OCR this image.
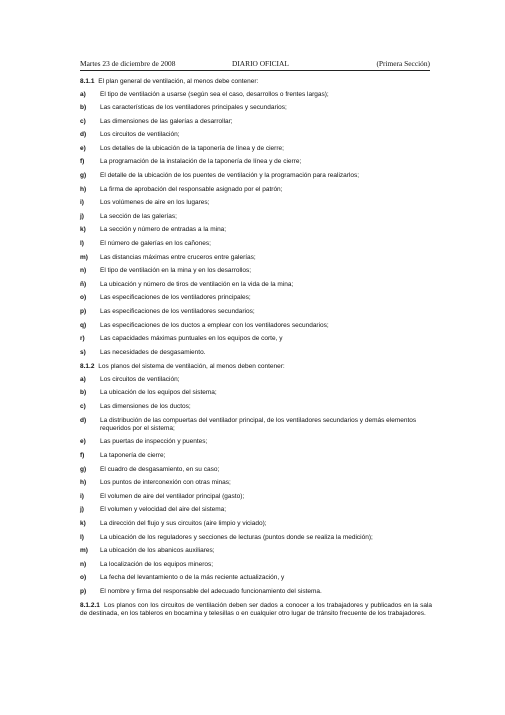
Martes 23 de diciembre de 2008	DIARIO OFICIAL	(Primera Sección)

8.1.1 El plan general de ventilación, al menos debe contener:

a)	El tipo de ventilación a usarse (según sea el caso, desarrollos o frentes largas);
b)	Las características de los ventiladores principales y secundarios;
c)	Las dimensiones de las galerías a desarrollar;
d)	Los circuitos de ventilación;
e)	Los detalles de la ubicación de la taponería de línea y de cierre;
f)	La programación de la instalación de la taponería de línea y de cierre;
g)	El detalle de la ubicación de los puentes de ventilación y la programación para realizarlos;
h)	La firma de aprobación del responsable asignado por el patrón;
i)	Los volúmenes de aire en los lugares;
j)	La sección de las galerías;
k)	La sección y número de entradas a la mina;
l)	El número de galerías en los cañones;
m)	Las distancias máximas entre cruceros entre galerías;
n)	El tipo de ventilación en la mina y en los desarrollos;
ñ)	La ubicación y número de tiros de ventilación en la vida de la mina;
o)	Las especificaciones de los ventiladores principales;
p)	Las especificaciones de los ventiladores secundarios;
q)	Las especificaciones de los ductos a emplear con los ventiladores secundarios;
r)	Las capacidades máximas puntuales en los equipos de corte, y
s)	Las necesidades de desgasamiento.

8.1.2 Los planos del sistema de ventilación, al menos deben contener:

a)	Los circuitos de ventilación;
b)	La ubicación de los equipos del sistema;
c)	Las dimensiones de los ductos;
d)	La distribución de las compuertas del ventilador principal, de los ventiladores secundarios y demás elementos requeridos por el sistema;
e)	Las puertas de inspección y puentes;
f)	La taponería de cierre;
g)	El cuadro de desgasamiento, en su caso;
h)	Los puntos de interconexión con otras minas;
i)	El volumen de aire del ventilador principal (gasto);
j)	El volumen y velocidad del aire del sistema;
k)	La dirección del flujo y sus circuitos (aire limpio y viciado);
l)	La ubicación de los reguladores y secciones de lecturas (puntos donde se realiza la medición);
m)	La ubicación de los abanicos auxiliares;
n)	La localización de los equipos mineros;
o)	La fecha del levantamiento o de la más reciente actualización, y
p)	El nombre y firma del responsable del adecuado funcionamiento del sistema.

8.1.2.1 Los planos con los circuitos de ventilación deben ser dados a conocer a los trabajadores y publicados en la sala de destinada, en los tableros en bocamina y telesillas o en cualquier otro lugar de tránsito frecuente de los trabajadores.
